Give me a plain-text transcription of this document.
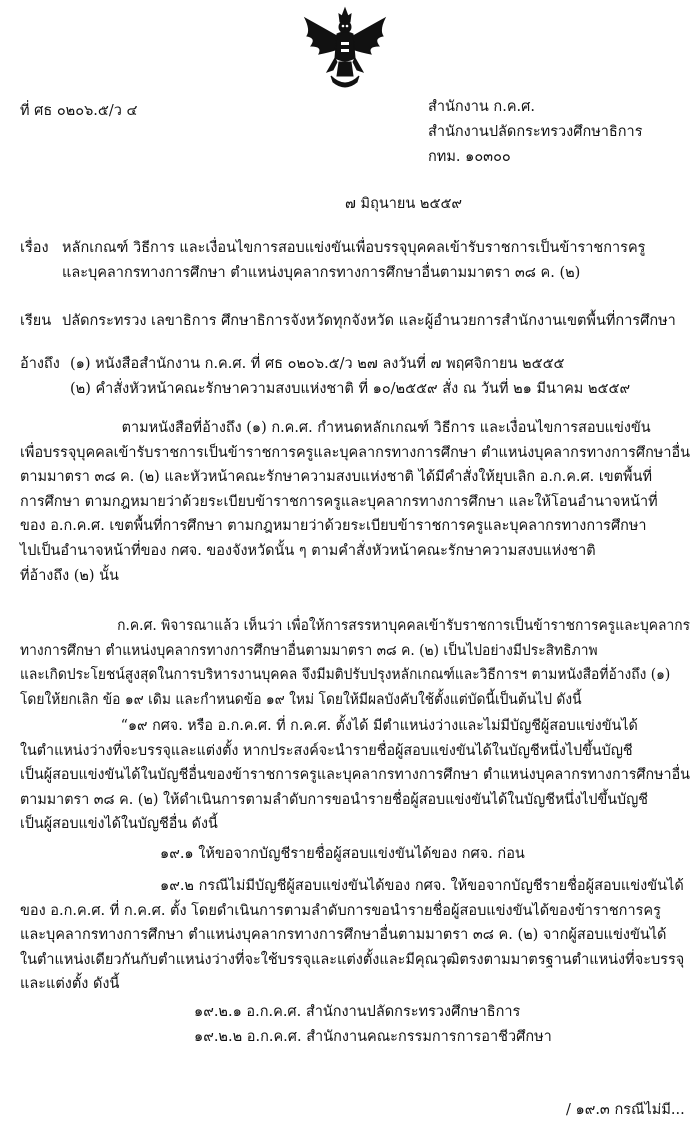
ที่ ศธ ๐๒๐๖.๕/ว ๔	สำนักงาน ก.ค.ศ.
สำนักงานปลัดกระทรวงศึกษาธิการ
กทม. ๑๐๓๐๐
๗ มิถุนายน ๒๕๕๙
เรื่อง หลักเกณฑ์ วิธีการ และเงื่อนไขการสอบแข่งขันเพื่อบรรจุบุคคลเข้ารับราชการเป็นข้าราชการครู
และบุคลากรทางการศึกษา ตำแหน่งบุคลากรทางการศึกษาอื่นตามมาตรา ๓๘ ค. (๒)
เรียน ปลัดกระทรวง เลขาธิการ ศึกษาธิการจังหวัดทุกจังหวัด และผู้อำนวยการสำนักงานเขตพื้นที่การศึกษา
อ้างถึง (๑) หนังสือสำนักงาน ก.ค.ศ. ที่ ศธ ๐๒๐๖.๕/ว ๒๗ ลงวันที่ ๗ พฤศจิกายน ๒๕๕๕
(๒) คำสั่งหัวหน้าคณะรักษาความสงบแห่งชาติ ที่ ๑๐/๒๕๕๙ สั่ง ณ วันที่ ๒๑ มีนาคม ๒๕๕๙
ตามหนังสือที่อ้างถึง (๑) ก.ค.ศ. กำหนดหลักเกณฑ์ วิธีการ และเงื่อนไขการสอบแข่งขัน
เพื่อบรรจุบุคคลเข้ารับราชการเป็นข้าราชการครูและบุคลากรทางการศึกษา ตำแหน่งบุคลากรทางการศึกษาอื่น
ตามมาตรา ๓๘ ค. (๒) และหัวหน้าคณะรักษาความสงบแห่งชาติ ได้มีคำสั่งให้ยุบเลิก อ.ก.ค.ศ. เขตพื้นที่
การศึกษา ตามกฎหมายว่าด้วยระเบียบข้าราชการครูและบุคลากรทางการศึกษา และให้โอนอำนาจหน้าที่
ของ อ.ก.ค.ศ. เขตพื้นที่การศึกษา ตามกฎหมายว่าด้วยระเบียบข้าราชการครูและบุคลากรทางการศึกษา
ไปเป็นอำนาจหน้าที่ของ กศจ. ของจังหวัดนั้น ๆ ตามคำสั่งหัวหน้าคณะรักษาความสงบแห่งชาติ
ที่อ้างถึง (๒) นั้น
ก.ค.ศ. พิจารณาแล้ว เห็นว่า เพื่อให้การสรรหาบุคคลเข้ารับราชการเป็นข้าราชการครูและบุคลากร
ทางการศึกษา ตำแหน่งบุคลากรทางการศึกษาอื่นตามมาตรา ๓๘ ค. (๒) เป็นไปอย่างมีประสิทธิภาพ
และเกิดประโยชน์สูงสุดในการบริหารงานบุคคล จึงมีมติปรับปรุงหลักเกณฑ์และวิธีการฯ ตามหนังสือที่อ้างถึง (๑)
โดยให้ยกเลิก ข้อ ๑๙ เดิม และกำหนดข้อ ๑๙ ใหม่ โดยให้มีผลบังคับใช้ตั้งแต่บัดนี้เป็นต้นไป ดังนี้
“๑๙ กศจ. หรือ อ.ก.ค.ศ. ที่ ก.ค.ศ. ตั้งได้ มีตำแหน่งว่างและไม่มีบัญชีผู้สอบแข่งขันได้
ในตำแหน่งว่างที่จะบรรจุและแต่งตั้ง หากประสงค์จะนำรายชื่อผู้สอบแข่งขันได้ในบัญชีหนึ่งไปขึ้นบัญชี
เป็นผู้สอบแข่งขันได้ในบัญชีอื่นของข้าราชการครูและบุคลากรทางการศึกษา ตำแหน่งบุคลากรทางการศึกษาอื่น
ตามมาตรา ๓๘ ค. (๒) ให้ดำเนินการตามลำดับการขอนำรายชื่อผู้สอบแข่งขันได้ในบัญชีหนึ่งไปขึ้นบัญชี
เป็นผู้สอบแข่งได้ในบัญชีอื่น ดังนี้
๑๙.๑ ให้ขอจากบัญชีรายชื่อผู้สอบแข่งขันได้ของ กศจ. ก่อน
๑๙.๒ กรณีไม่มีบัญชีผู้สอบแข่งขันได้ของ กศจ. ให้ขอจากบัญชีรายชื่อผู้สอบแข่งขันได้
ของ อ.ก.ค.ศ. ที่ ก.ค.ศ. ตั้ง โดยดำเนินการตามลำดับการขอนำรายชื่อผู้สอบแข่งขันได้ของข้าราชการครู
และบุคลากรทางการศึกษา ตำแหน่งบุคลากรทางการศึกษาอื่นตามมาตรา ๓๘ ค. (๒) จากผู้สอบแข่งขันได้
ในตำแหน่งเดียวกันกับตำแหน่งว่างที่จะใช้บรรจุและแต่งตั้งและมีคุณวุฒิตรงตามมาตรฐานตำแหน่งที่จะบรรจุ
และแต่งตั้ง ดังนี้
๑๙.๒.๑ อ.ก.ค.ศ. สำนักงานปลัดกระทรวงศึกษาธิการ
๑๙.๒.๒ อ.ก.ค.ศ. สำนักงานคณะกรรมการการอาชีวศึกษา
/ ๑๙.๓ กรณีไม่มี...
